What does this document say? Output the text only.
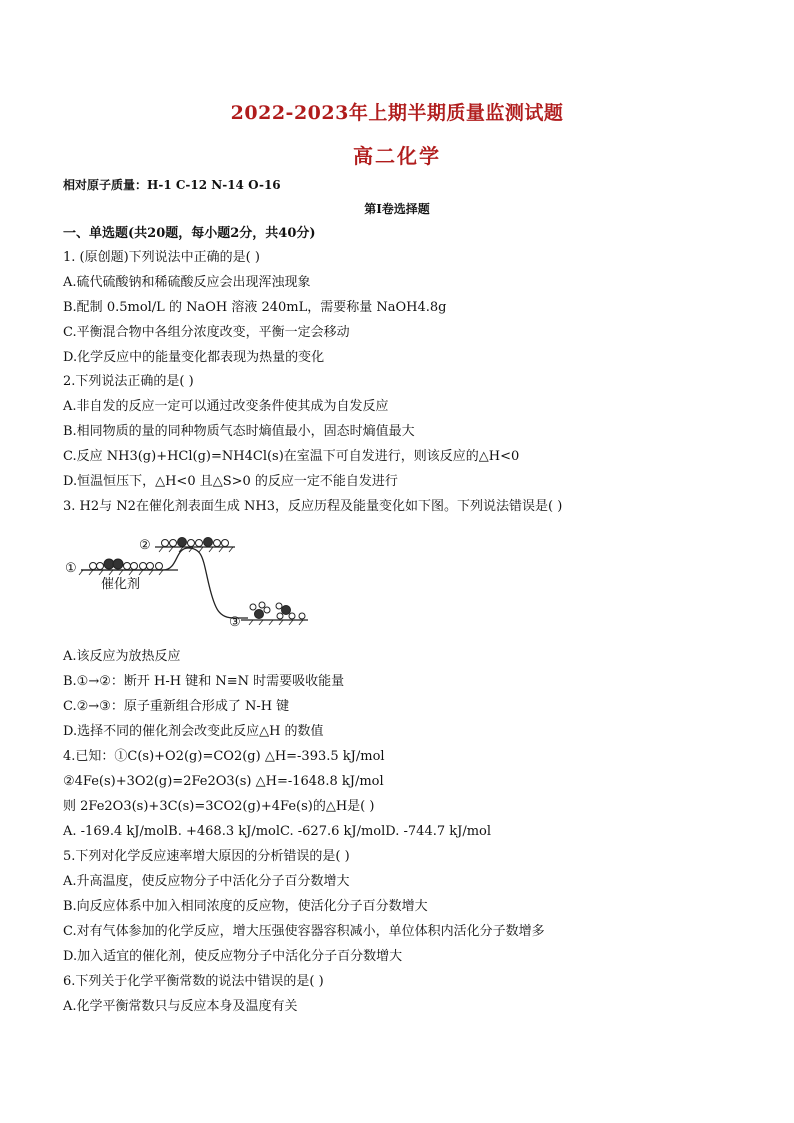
2022-2023年上期半期质量监测试题
高二化学
相对原子质量：H-1 C-12 N-14 O-16
第Ⅰ卷选择题
一、单选题(共20题，每小题2分，共40分)
1. (原创题)下列说法中正确的是( )
A.硫代硫酸钠和稀硫酸反应会出现浑浊现象
B.配制 0.5mol/L 的 NaOH 溶液 240mL，需要称量 NaOH4.8g
C.平衡混合物中各组分浓度改变，平衡一定会移动
D.化学反应中的能量变化都表现为热量的变化
2.下列说法正确的是( )
A.非自发的反应一定可以通过改变条件使其成为自发反应
B.相同物质的量的同种物质气态时熵值最小，固态时熵值最大
C.反应 NH3(g)+HCl(g)=NH4Cl(s)在室温下可自发进行，则该反应的△H<0
D.恒温恒压下，△H<0 且△S>0 的反应一定不能自发进行
3. H2与 N2在催化剂表面生成 NH3，反应历程及能量变化如下图。下列说法错误是( )
①
②
③
催化剂
A.该反应为放热反应
B.①→②：断开 H-H 键和 N≡N 时需要吸收能量
C.②→③：原子重新组合形成了 N-H 键
D.选择不同的催化剂会改变此反应△H 的数值
4.已知：①C(s)+O2(g)=CO2(g) △H=-393.5 kJ/mol
②4Fe(s)+3O2(g)=2Fe2O3(s) △H=-1648.8 kJ/mol
则 2Fe2O3(s)+3C(s)=3CO2(g)+4Fe(s)的△H是( )
A. -169.4 kJ/molB. +468.3 kJ/molC. -627.6 kJ/molD. -744.7 kJ/mol
5.下列对化学反应速率增大原因的分析错误的是( )
A.升高温度，使反应物分子中活化分子百分数增大
B.向反应体系中加入相同浓度的反应物，使活化分子百分数增大
C.对有气体参加的化学反应，增大压强使容器容积减小，单位体积内活化分子数增多
D.加入适宜的催化剂，使反应物分子中活化分子百分数增大
6.下列关于化学平衡常数的说法中错误的是( )
A.化学平衡常数只与反应本身及温度有关
